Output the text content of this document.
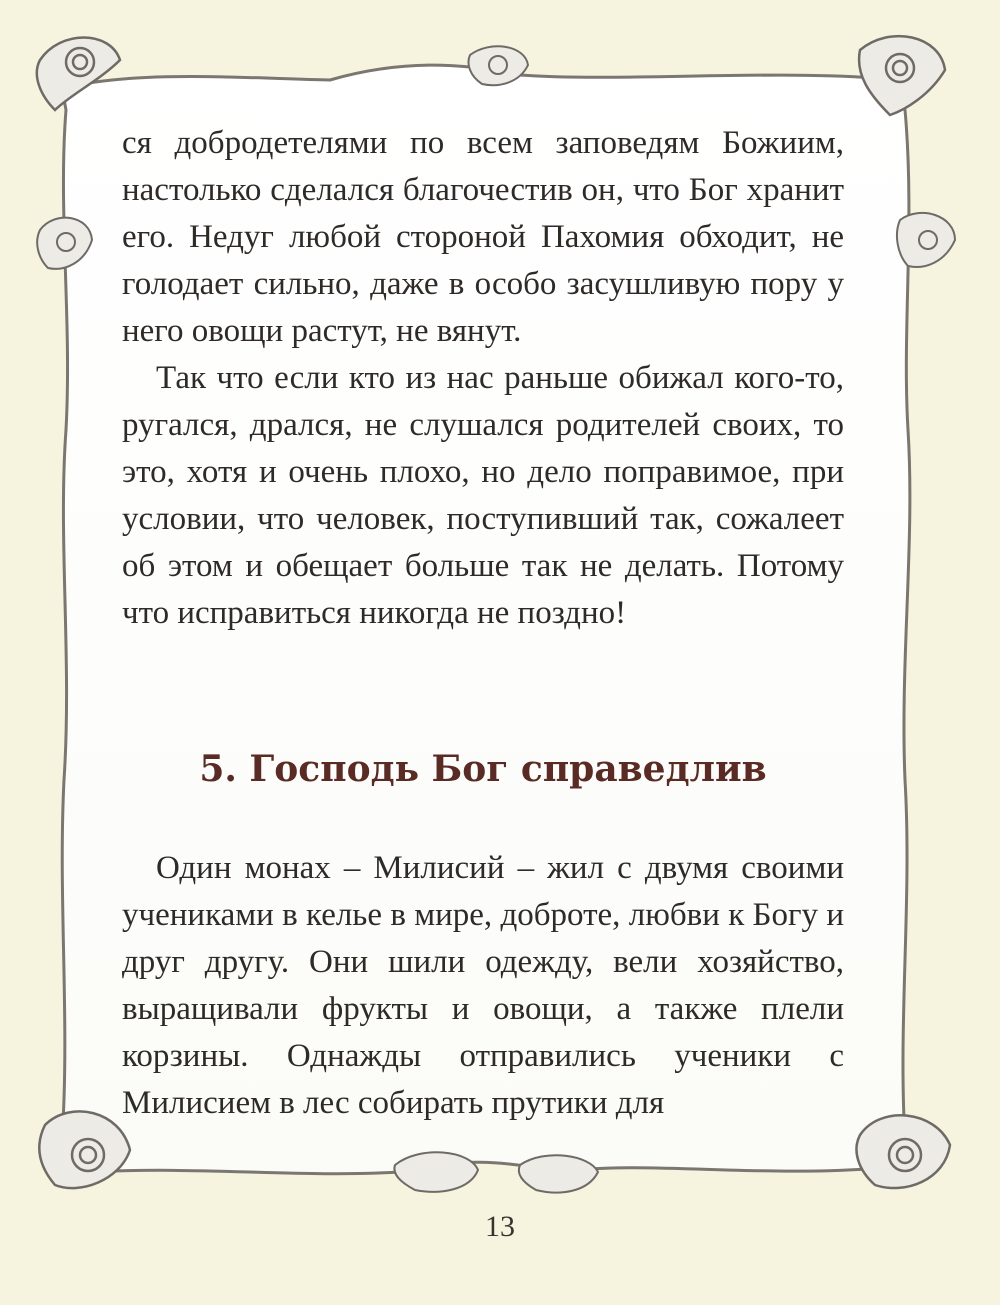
ся добродетелями по всем заповедям Божиим, настолько сделался благочестив он, что Бог хранит его. Недуг любой стороной Пахомия обходит, не голодает сильно, даже в особо засушливую пору у него овощи растут, не вянут.

Так что если кто из нас раньше обижал кого-то, ругался, дрался, не слушался родителей своих, то это, хотя и очень плохо, но дело поправимое, при условии, что человек, поступивший так, сожалеет об этом и обещает больше так не делать. Потому что исправиться никогда не поздно!

5. Господь Бог справедлив

Один монах – Милисий – жил с двумя своими учениками в келье в мире, доброте, любви к Богу и друг другу. Они шили одежду, вели хозяйство, выращивали фрукты и овощи, а также плели корзины. Однажды отправились ученики с Милисием в лес собирать прутики для

13
